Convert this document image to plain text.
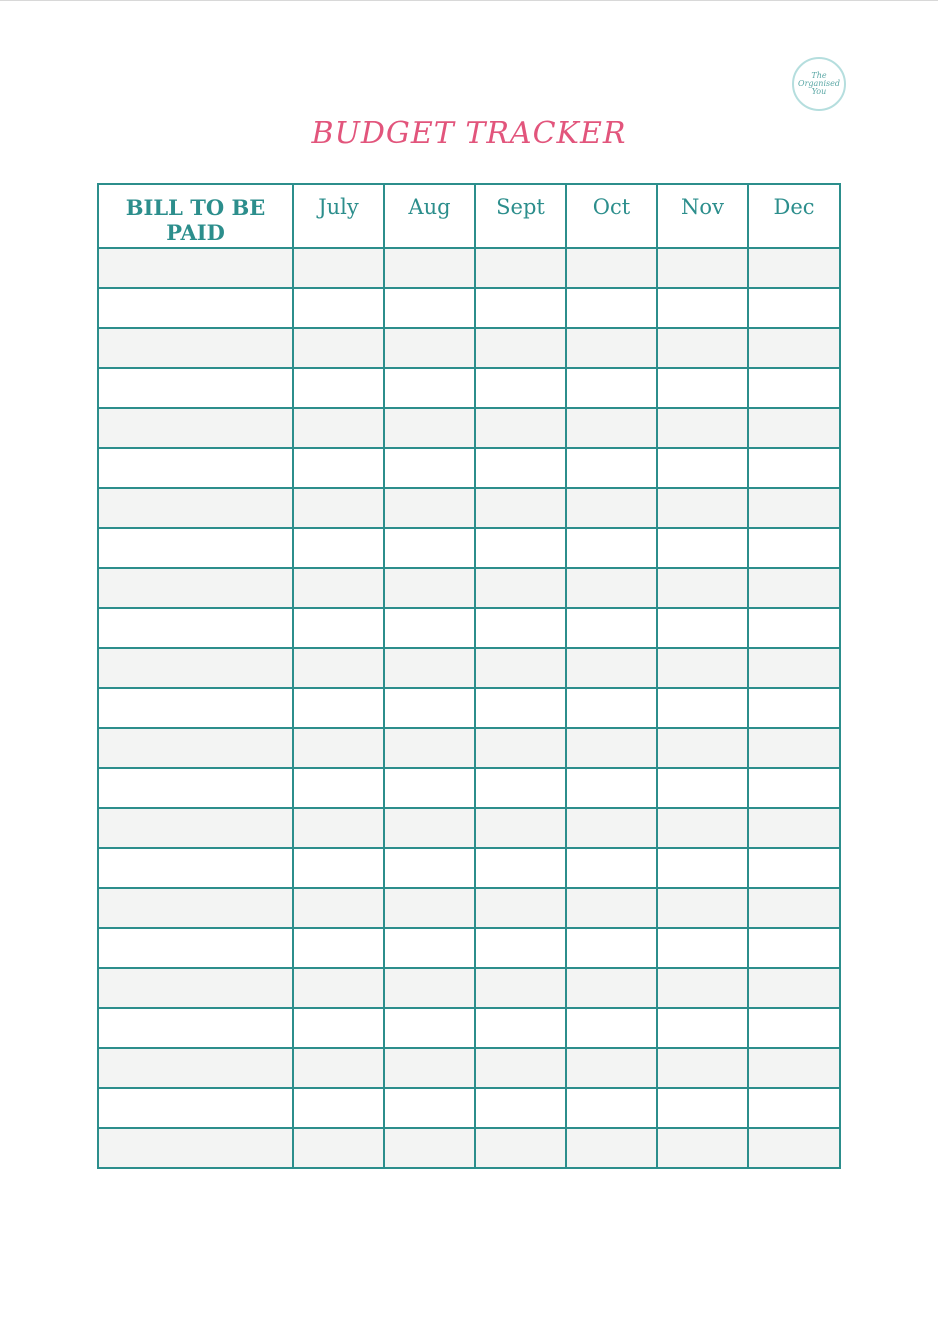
The
Organised
You
BUDGET TRACKER
BILL TO BE PAID	July	Aug	Sept	Oct	Nov	Dec
